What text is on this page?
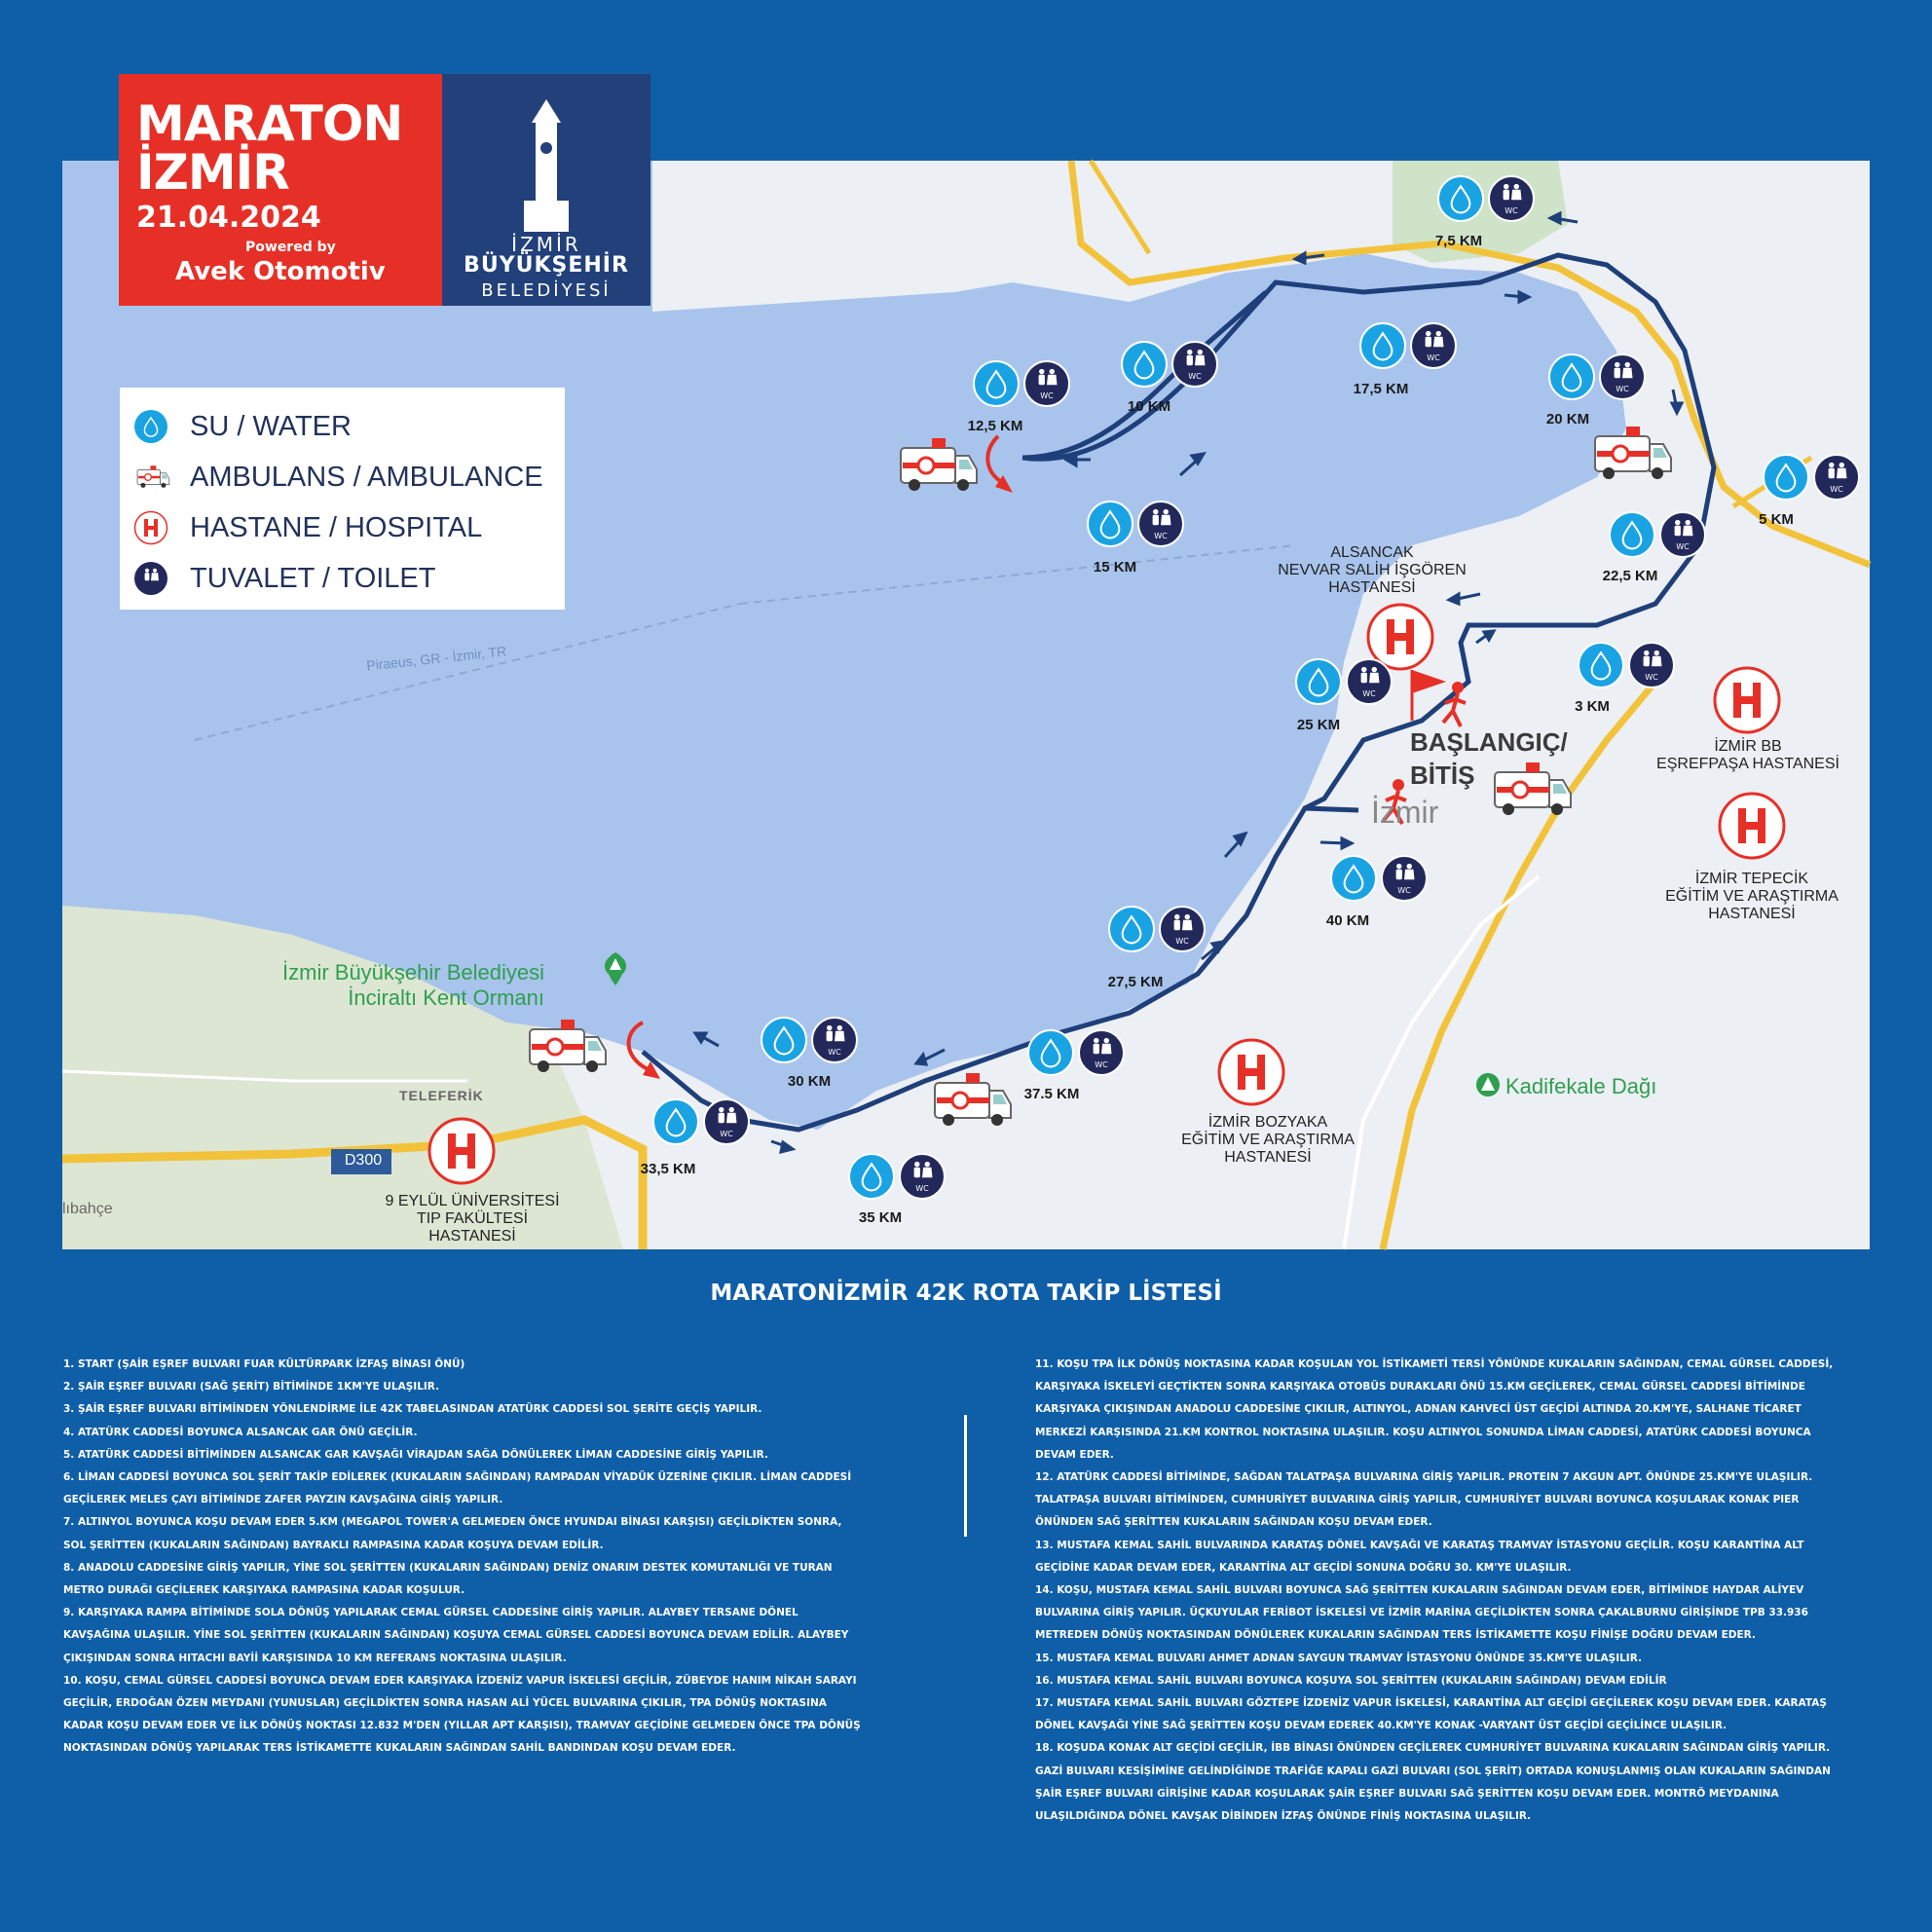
WC
3 KM
WC
5 KM
WC
7,5 KM
WC
10 KM
WC
12,5 KM
WC
15 KM
WC
17,5 KM	WC
20 KM
WC
22,5 KM
WC
25 KM
WC
27,5 KM
WC
30 KM
WC
33,5 KM
WC
35 KM
WC
37.5 KM
WC
40 KM
MARATON
İZMİR
21.04.2024
Powered by
Avek Otomotiv
İZMİR
BÜYÜKŞEHİR
BELEDİYESİ
SU / WATER
AMBULANS / AMBULANCE
HASTANE / HOSPITAL
TUVALET / TOILET
Piraeus, GR - İzmir, TR
İzmir
İzmir Büyükşehir Belediyesi
İnciraltı Kent Ormanı
Kadifekale Dağı
TELEFERİK
D300
lıbahçe
ALSANCAK
NEVVAR SALİH İŞGÖREN
HASTANESİ
İZMİR BB
EŞREFPAŞA HASTANESİ
İZMİR TEPECİK
EĞİTİM VE ARAŞTIRMA
HASTANESİ
İZMİR BOZYAKA
EĞİTİM VE ARAŞTIRMA
HASTANESİ
9 EYLÜL ÜNİVERSİTESİ
TIP FAKÜLTESİ
HASTANESİ
BAŞLANGIÇ/
BİTİŞ
MARATONİZMİR 42K ROTA TAKİP LİSTESİ

1. START (ŞAİR EŞREF BULVARI FUAR KÜLTÜRPARK İZFAŞ BİNASI ÖNÜ)

2. ŞAİR EŞREF BULVARI (SAĞ ŞERİT) BİTİMİNDE 1KM'YE ULAŞILIR.

3. ŞAİR EŞREF BULVARI BİTİMİNDEN YÖNLENDİRME İLE 42K TABELASINDAN ATATÜRK CADDESİ SOL ŞERİTE GEÇİŞ YAPILIR.

4. ATATÜRK CADDESİ BOYUNCA ALSANCAK GAR ÖNÜ GEÇİLİR.

5. ATATÜRK CADDESİ BİTİMİNDEN ALSANCAK GAR KAVŞAĞI VİRAJDAN SAĞA DÖNÜLEREK LİMAN CADDESİNE GİRİŞ YAPILIR.

6. LİMAN CADDESİ BOYUNCA SOL ŞERİT TAKİP EDİLEREK (KUKALARIN SAĞINDAN) RAMPADAN VİYADÜK ÜZERİNE ÇIKILIR. LİMAN CADDESİ GEÇİLEREK MELES ÇAYI BİTİMİNDE ZAFER PAYZIN KAVŞAĞINA GİRİŞ YAPILIR.

7. ALTINYOL BOYUNCA KOŞU DEVAM EDER 5.KM (MEGAPOL TOWER'A GELMEDEN ÖNCE HYUNDAI BİNASI KARŞISI) GEÇİLDİKTEN SONRA, SOL ŞERİTTEN (KUKALARIN SAĞINDAN) BAYRAKLI RAMPASINA KADAR KOŞUYA DEVAM EDİLİR.

8. ANADOLU CADDESİNE GİRİŞ YAPILIR, YİNE SOL ŞERİTTEN (KUKALARIN SAĞINDAN) DENİZ ONARIM DESTEK KOMUTANLIĞI VE TURAN METRO DURAĞI GEÇİLEREK KARŞIYAKA RAMPASINA KADAR KOŞULUR.

9. KARŞIYAKA RAMPA BİTİMİNDE SOLA DÖNÜŞ YAPILARAK CEMAL GÜRSEL CADDESİNE GİRİŞ YAPILIR. ALAYBEY TERSANE DÖNEL KAVŞAĞINA ULAŞILIR. YİNE SOL ŞERİTTEN (KUKALARIN SAĞINDAN) KOŞUYA CEMAL GÜRSEL CADDESİ BOYUNCA DEVAM EDİLİR. ALAYBEY ÇIKIŞINDAN SONRA HITACHI BAYİİ KARŞISINDA 10 KM REFERANS NOKTASINA ULAŞILIR.

10. KOŞU, CEMAL GÜRSEL CADDESİ BOYUNCA DEVAM EDER KARŞIYAKA İZDENİZ VAPUR İSKELESİ GEÇİLİR, ZÜBEYDE HANIM NİKAH SARAYI GEÇİLİR, ERDOĞAN ÖZEN MEYDANI (YUNUSLAR) GEÇİLDİKTEN SONRA HASAN ALİ YÜCEL BULVARINA ÇIKILIR, TPA DÖNÜŞ NOKTASINA KADAR KOŞU DEVAM EDER VE İLK DÖNÜŞ NOKTASI 12.832 M'DEN (YILLAR APT KARŞISI), TRAMVAY GEÇİDİNE GELMEDEN ÖNCE TPA DÖNÜŞ NOKTASINDAN DÖNÜŞ YAPILARAK TERS İSTİKAMETTE KUKALARIN SAĞINDAN SAHİL BANDINDAN KOŞU DEVAM EDER.

11. KOŞU TPA İLK DÖNÜŞ NOKTASINA KADAR KOŞULAN YOL İSTİKAMETİ TERSİ YÖNÜNDE KUKALARIN SAĞINDAN, CEMAL GÜRSEL CADDESİ, KARŞIYAKA İSKELEYİ GEÇTİKTEN SONRA KARŞIYAKA OTOBÜS DURAKLARI ÖNÜ 15.KM GEÇİLEREK, CEMAL GÜRSEL CADDESİ BİTİMİNDE KARŞIYAKA ÇIKIŞINDAN ANADOLU CADDESİNE ÇIKILIR, ALTINYOL, ADNAN KAHVECİ ÜST GEÇİDİ ALTINDA 20.KM'YE, SALHANE TİCARET MERKEZİ KARŞISINDA 21.KM KONTROL NOKTASINA ULAŞILIR. KOŞU ALTINYOL SONUNDA LİMAN CADDESİ, ATATÜRK CADDESİ BOYUNCA DEVAM EDER.

12. ATATÜRK CADDESİ BİTİMİNDE, SAĞDAN TALATPAŞA BULVARINA GİRİŞ YAPILIR. PROTEIN 7 AKGUN APT. ÖNÜNDE 25.KM'YE ULAŞILIR. TALATPAŞA BULVARI BİTİMİNDEN, CUMHURİYET BULVARINA GİRİŞ YAPILIR, CUMHURİYET BULVARI BOYUNCA KOŞULARAK KONAK PIER ÖNÜNDEN SAĞ ŞERİTTEN KUKALARIN SAĞINDAN KOŞU DEVAM EDER.

13. MUSTAFA KEMAL SAHİL BULVARINDA KARATAŞ DÖNEL KAVŞAĞI VE KARATAŞ TRAMVAY İSTASYONU GEÇİLİR. KOŞU KARANTİNA ALT GEÇİDİNE KADAR DEVAM EDER, KARANTİNA ALT GEÇİDİ SONUNA DOĞRU 30. KM'YE ULAŞILIR.

14. KOŞU, MUSTAFA KEMAL SAHİL BULVARI BOYUNCA SAĞ ŞERİTTEN KUKALARIN SAĞINDAN DEVAM EDER, BİTİMİNDE HAYDAR ALİYEV BULVARINA GİRİŞ YAPILIR. ÜÇKUYULAR FERİBOT İSKELESİ VE İZMİR MARİNA GEÇİLDİKTEN SONRA ÇAKALBURNU GİRİŞİNDE TPB 33.936 METREDEN DÖNÜŞ NOKTASINDAN DÖNÜLEREK KUKALARIN SAĞINDAN TERS İSTİKAMETTE KOŞU FİNİŞE DOĞRU DEVAM EDER.

15. MUSTAFA KEMAL BULVARI AHMET ADNAN SAYGUN TRAMVAY İSTASYONU ÖNÜNDE 35.KM'YE ULAŞILIR.

16. MUSTAFA KEMAL SAHİL BULVARI BOYUNCA KOŞUYA SOL ŞERİTTEN (KUKALARIN SAĞINDAN) DEVAM EDİLİR

17. MUSTAFA KEMAL SAHİL BULVARI GÖZTEPE İZDENİZ VAPUR İSKELESİ, KARANTİNA ALT GEÇİDİ GEÇİLEREK KOŞU DEVAM EDER. KARATAŞ DÖNEL KAVŞAĞI YİNE SAĞ ŞERİTTEN KOŞU DEVAM EDEREK 40.KM'YE KONAK -VARYANT ÜST GEÇİDİ GEÇİLİNCE ULAŞILIR.

18. KOŞUDA KONAK ALT GEÇİDİ GEÇİLİR, İBB BİNASI ÖNÜNDEN GEÇİLEREK CUMHURİYET BULVARINA KUKALARIN SAĞINDAN GİRİŞ YAPILIR. GAZİ BULVARI KESİŞİMİNE GELİNDİĞİNDE TRAFİĞE KAPALI GAZİ BULVARI (SOL ŞERİT) ORTADA KONUŞLANMIŞ OLAN KUKALARIN SAĞINDAN ŞAİR EŞREF BULVARI GİRİŞİNE KADAR KOŞULARAK ŞAİR EŞREF BULVARI SAĞ ŞERİTTEN KOŞU DEVAM EDER. MONTRÖ MEYDANINA ULAŞILDIĞINDA DÖNEL KAVŞAK DİBİNDEN İZFAŞ ÖNÜNDE FİNİŞ NOKTASINA ULAŞILIR.
